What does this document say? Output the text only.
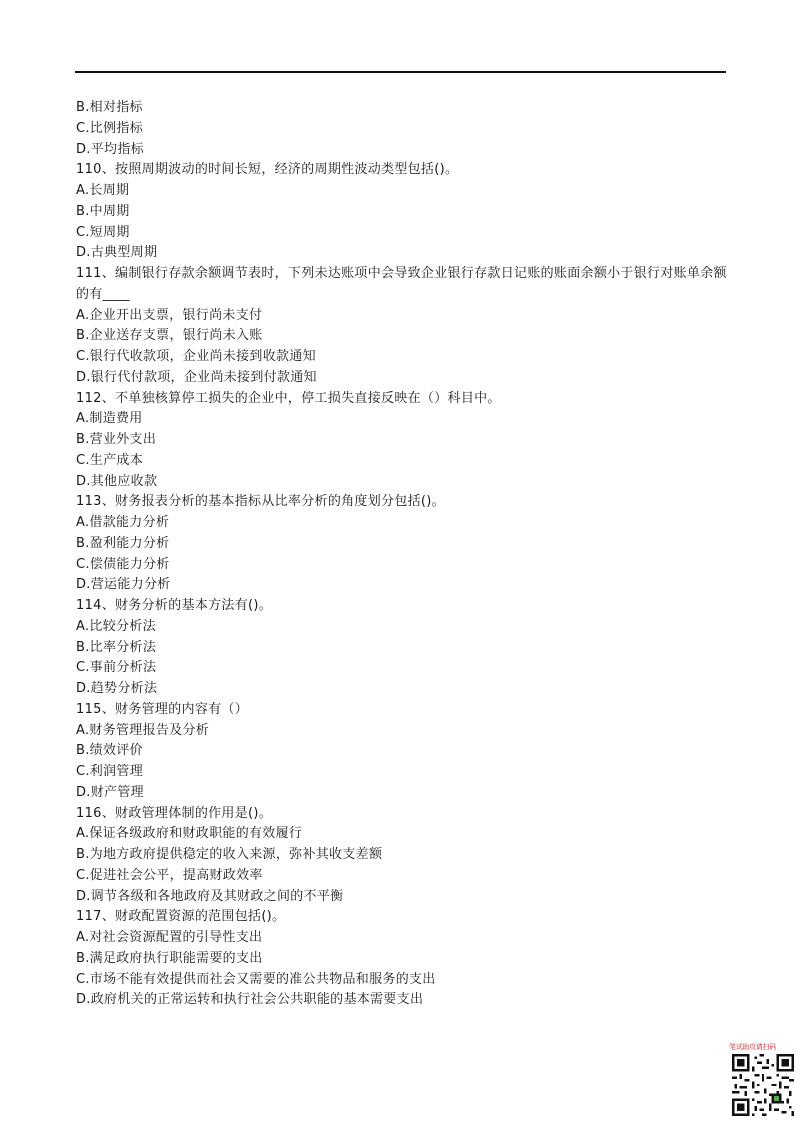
B.相对指标
C.比例指标
D.平均指标
110、按照周期波动的时间长短，经济的周期性波动类型包括()。
A.长周期
B.中周期
C.短周期
D.古典型周期
111、编制银行存款余额调节表时，下列未达账项中会导致企业银行存款日记账的账面余额小于银行对账单余额的有____
A.企业开出支票，银行尚未支付
B.企业送存支票，银行尚未入账
C.银行代收款项，企业尚未接到收款通知
D.银行代付款项，企业尚未接到付款通知
112、不单独核算停工损失的企业中，停工损失直接反映在（）科目中。
A.制造费用
B.营业外支出
C.生产成本
D.其他应收款
113、财务报表分析的基本指标从比率分析的角度划分包括()。
A.借款能力分析
B.盈利能力分析
C.偿债能力分析
D.营运能力分析
114、财务分析的基本方法有()。
A.比较分析法
B.比率分析法
C.事前分析法
D.趋势分析法
115、财务管理的内容有（）
A.财务管理报告及分析
B.绩效评价
C.利润管理
D.财产管理
116、财政管理体制的作用是()。
A.保证各级政府和财政职能的有效履行
B.为地方政府提供稳定的收入来源，弥补其收支差额
C.促进社会公平，提高财政效率
D.调节各级和各地政府及其财政之间的不平衡
117、财政配置资源的范围包括()。
A.对社会资源配置的引导性支出
B.满足政府执行职能需要的支出
C.市场不能有效提供而社会又需要的准公共物品和服务的支出
D.政府机关的正常运转和执行社会公共职能的基本需要支出
笔试助攻请扫码
